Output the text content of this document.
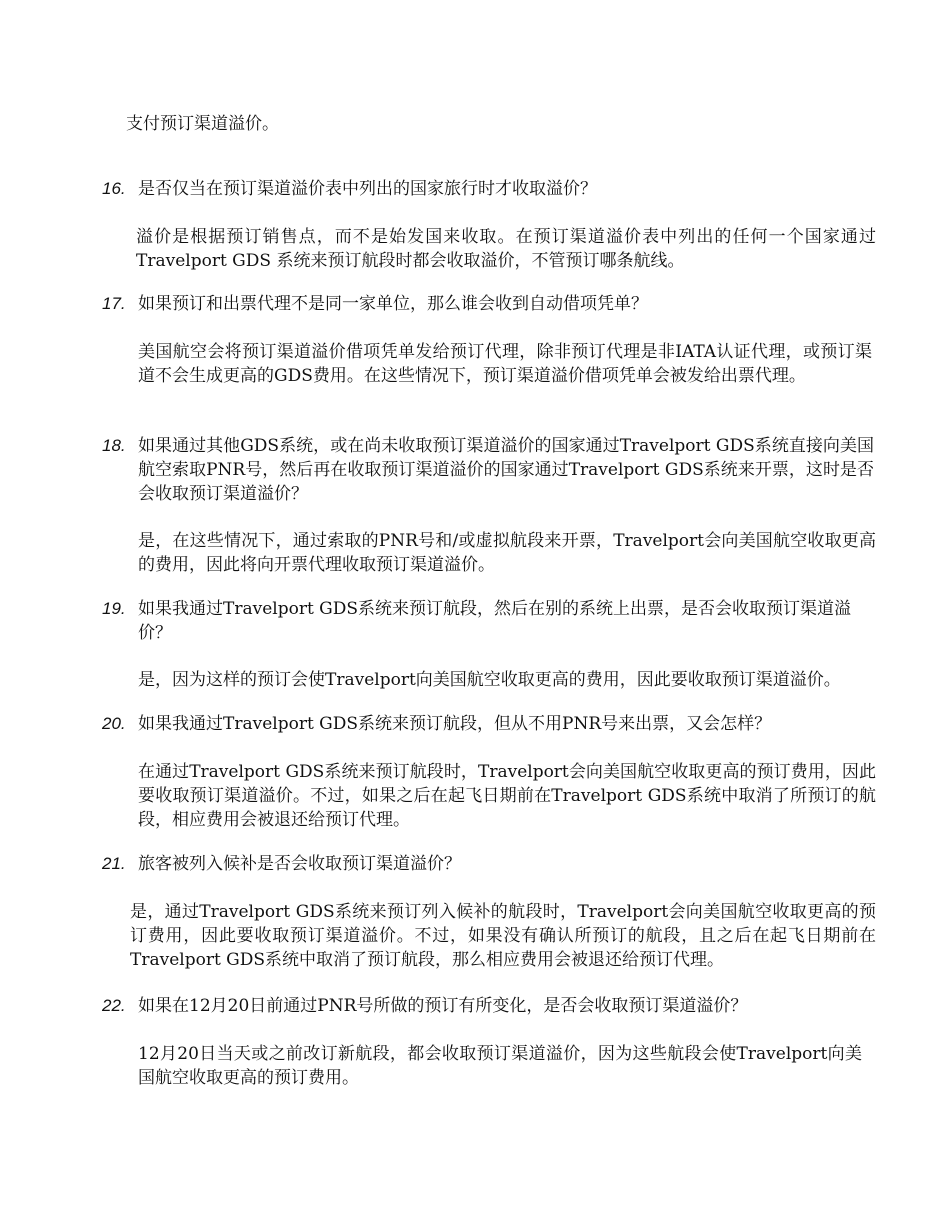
支付预订渠道溢价。

16. 是否仅当在预订渠道溢价表中列出的国家旅行时才收取溢价？

溢价是根据预订销售点，而不是始发国来收取。在预订渠道溢价表中列出的任何一个国家通过 Travelport GDS 系统来预订航段时都会收取溢价，不管预订哪条航线。

17. 如果预订和出票代理不是同一家单位，那么谁会收到自动借项凭单？

美国航空会将预订渠道溢价借项凭单发给预订代理，除非预订代理是非IATA认证代理，或预订渠道不会生成更高的GDS费用。在这些情况下，预订渠道溢价借项凭单会被发给出票代理。

18. 如果通过其他GDS系统，或在尚未收取预订渠道溢价的国家通过Travelport GDS系统直接向美国航空索取PNR号，然后再在收取预订渠道溢价的国家通过Travelport GDS系统来开票，这时是否会收取预订渠道溢价？

是，在这些情况下，通过索取的PNR号和/或虚拟航段来开票，Travelport会向美国航空收取更高的费用，因此将向开票代理收取预订渠道溢价。

19. 如果我通过Travelport GDS系统来预订航段，然后在别的系统上出票，是否会收取预订渠道溢价？

是，因为这样的预订会使Travelport向美国航空收取更高的费用，因此要收取预订渠道溢价。

20. 如果我通过Travelport GDS系统来预订航段，但从不用PNR号来出票，又会怎样？

在通过Travelport GDS系统来预订航段时，Travelport会向美国航空收取更高的预订费用，因此要收取预订渠道溢价。不过，如果之后在起飞日期前在Travelport GDS系统中取消了所预订的航段，相应费用会被退还给预订代理。

21. 旅客被列入候补是否会收取预订渠道溢价？

是，通过Travelport GDS系统来预订列入候补的航段时，Travelport会向美国航空收取更高的预订费用，因此要收取预订渠道溢价。不过，如果没有确认所预订的航段，且之后在起飞日期前在Travelport GDS系统中取消了预订航段，那么相应费用会被退还给预订代理。

22. 如果在12月20日前通过PNR号所做的预订有所变化，是否会收取预订渠道溢价？

12月20日当天或之前改订新航段，都会收取预订渠道溢价，因为这些航段会使Travelport向美国航空收取更高的预订费用。
